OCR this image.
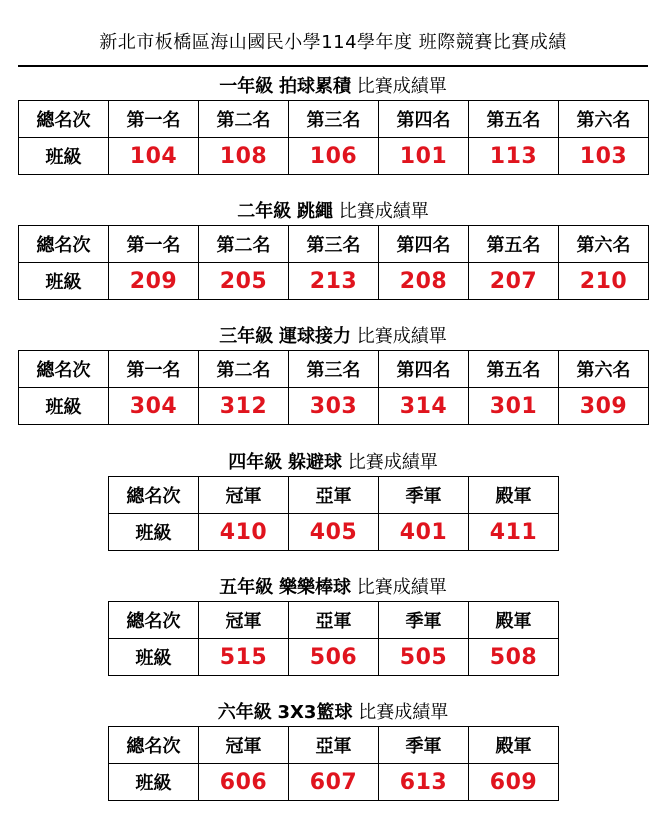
新北市板橋區海山國民小學114學年度 班際競賽比賽成績
一年級 拍球累積 比賽成績單
總名次	第一名	第二名	第三名	第四名	第五名	第六名
班級	104	108	106	101	113	103
二年級 跳繩 比賽成績單
總名次	第一名	第二名	第三名	第四名	第五名	第六名
班級	209	205	213	208	207	210
三年級 運球接力 比賽成績單
總名次	第一名	第二名	第三名	第四名	第五名	第六名
班級	304	312	303	314	301	309
四年級 躲避球 比賽成績單
總名次	冠軍	亞軍	季軍	殿軍
班級	410	405	401	411
五年級 樂樂棒球 比賽成績單
總名次	冠軍	亞軍	季軍	殿軍
班級	515	506	505	508
六年級 3X3籃球 比賽成績單
總名次	冠軍	亞軍	季軍	殿軍
班級	606	607	613	609
